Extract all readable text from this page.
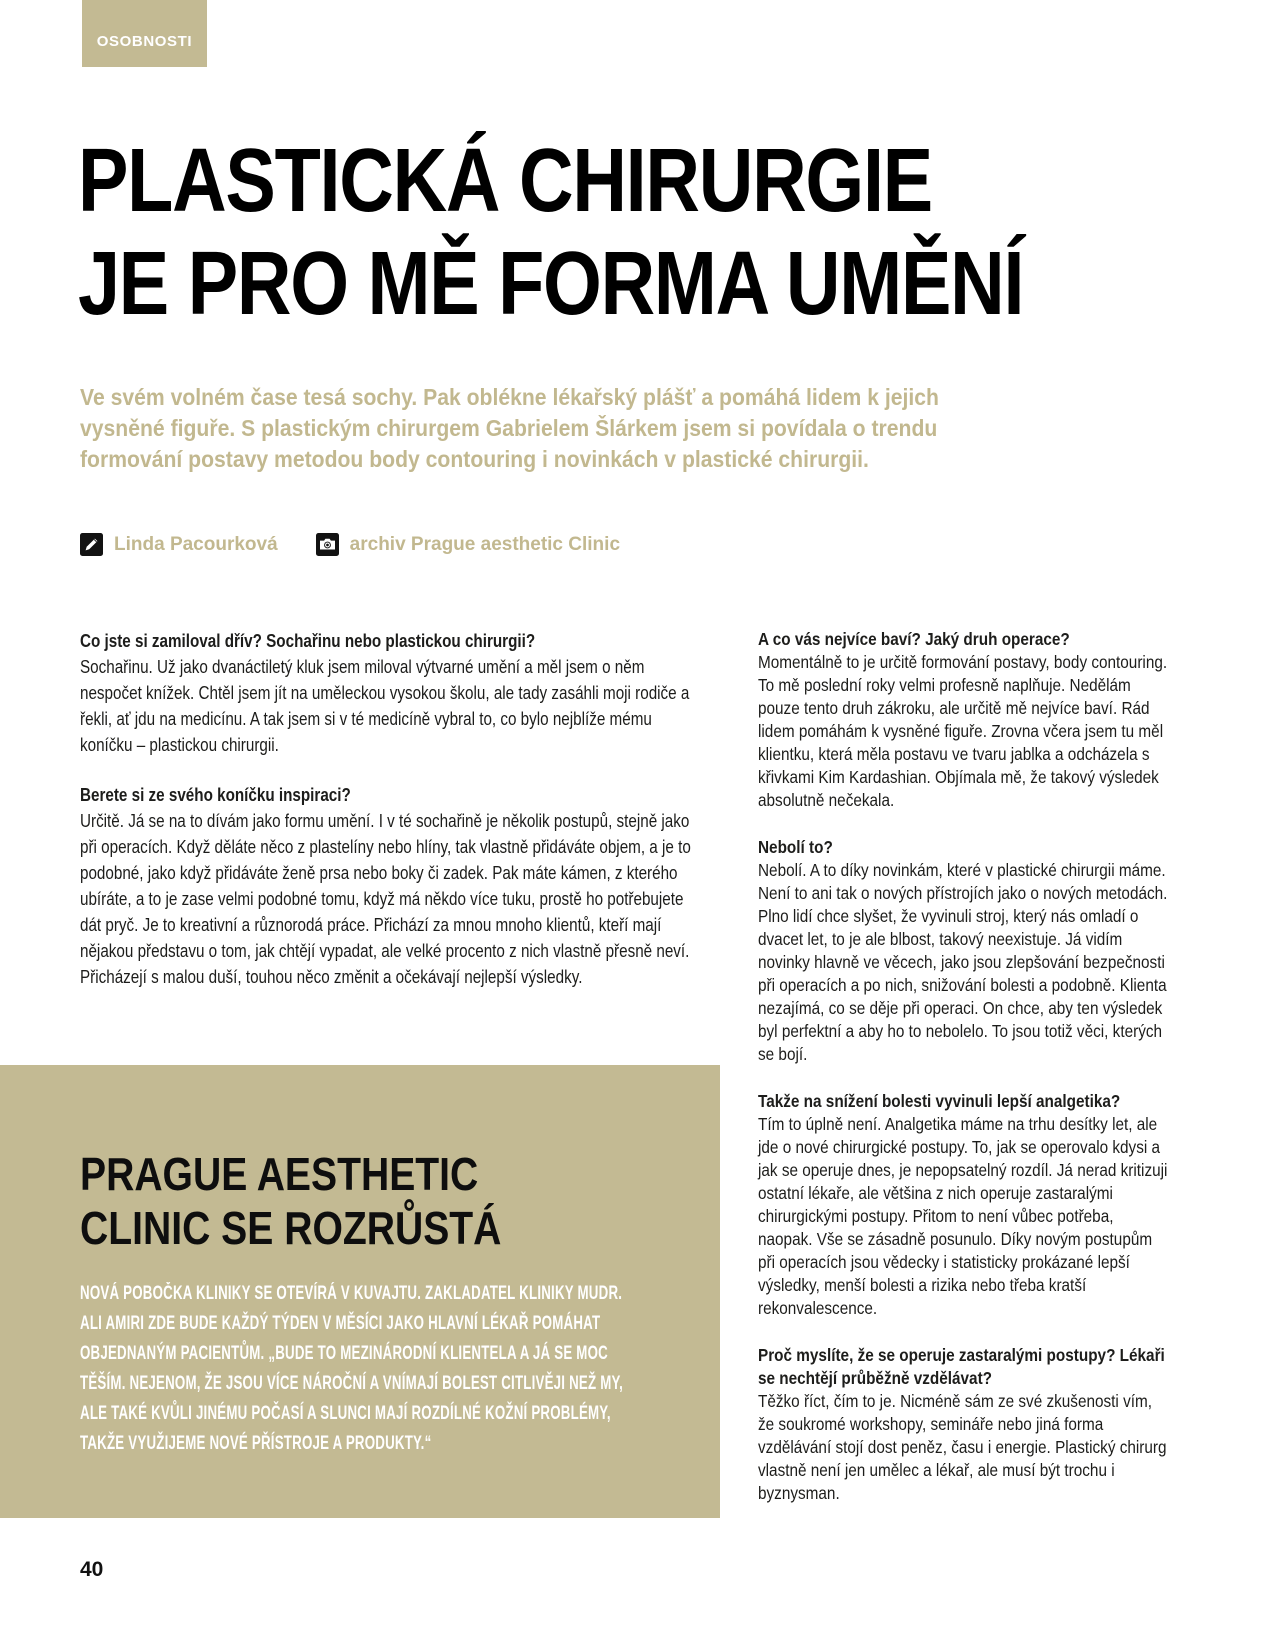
OSOBNOSTI
PLASTICKÁ CHIRURGIE
JE PRO MĚ FORMA UMĚNÍ

Ve svém volném čase tesá sochy. Pak oblékne lékařský plášť a pomáhá lidem k jejich vysněné figuře. S plastickým chirurgem Gabrielem Šlárkem jsem si povídala o trendu formování postavy metodou body contouring i novinkách v plastické chirurgii.

Linda Pacourková	archiv Prague aesthetic Clinic

Co jste si zamiloval dřív? Sochařinu nebo plastickou chirurgii?

Sochařinu. Už jako dvanáctiletý kluk jsem miloval výtvarné umění a měl jsem o něm nespočet knížek. Chtěl jsem jít na uměleckou vysokou školu, ale tady zasáhli moji rodiče a řekli, ať jdu na medicínu. A tak jsem si v té medicíně vybral to, co bylo nejblíže mému koníčku – plastickou chirurgii.

Berete si ze svého koníčku inspiraci?

Určitě. Já se na to dívám jako formu umění. I v té sochařině je několik postupů, stejně jako při operacích. Když děláte něco z plastelíny nebo hlíny, tak vlastně přidáváte objem, a je to podobné, jako když přidáváte ženě prsa nebo boky či zadek. Pak máte kámen, z kterého ubíráte, a to je zase velmi podobné tomu, když má někdo více tuku, prostě ho potřebujete dát pryč. Je to kreativní a různorodá práce. Přichází za mnou mnoho klientů, kteří mají nějakou představu o tom, jak chtějí vypadat, ale velké procento z nich vlastně přesně neví. Přicházejí s malou duší, touhou něco změnit a očekávají nejlepší výsledky.

A co vás nejvíce baví? Jaký druh operace?

Momentálně to je určitě formování postavy, body contouring. To mě poslední roky velmi profesně naplňuje. Nedělám pouze tento druh zákroku, ale určitě mě nejvíce baví. Rád lidem pomáhám k vysněné figuře. Zrovna včera jsem tu měl klientku, která měla postavu ve tvaru jablka a odcházela s křivkami Kim Kardashian. Objímala mě, že takový výsledek absolutně nečekala.

Nebolí to?

Nebolí. A to díky novinkám, které v plastické chirurgii máme. Není to ani tak o nových přístrojích jako o nových metodách. Plno lidí chce slyšet, že vyvinuli stroj, který nás omladí o dvacet let, to je ale blbost, takový neexistuje. Já vidím novinky hlavně ve věcech, jako jsou zlepšování bezpečnosti při operacích a po nich, snižování bolesti a podobně. Klienta nezajímá, co se děje při operaci. On chce, aby ten výsledek byl perfektní a aby ho to nebolelo. To jsou totiž věci, kterých se bojí.

Takže na snížení bolesti vyvinuli lepší analgetika?

Tím to úplně není. Analgetika máme na trhu desítky let, ale jde o nové chirurgické postupy. To, jak se operovalo kdysi a jak se operuje dnes, je nepopsatelný rozdíl. Já nerad kritizuji ostatní lékaře, ale většina z nich operuje zastaralými chirurgickými postupy. Přitom to není vůbec potřeba, naopak. Vše se zásadně posunulo. Díky novým postupům při operacích jsou vědecky i statisticky prokázané lepší výsledky, menší bolesti a rizika nebo třeba kratší rekonvalescence.

Proč myslíte, že se operuje zastaralými postupy? Lékaři se nechtějí průběžně vzdělávat?

Těžko říct, čím to je. Nicméně sám ze své zkušenosti vím, že soukromé workshopy, semináře nebo jiná forma vzdělávání stojí dost peněz, času i energie. Plastický chirurg vlastně není jen umělec a lékař, ale musí být trochu i byznysman.

PRAGUE AESTHETIC
CLINIC SE ROZRŮSTÁ

NOVÁ POBOČKA KLINIKY SE OTEVÍRÁ V KUVAJTU. ZAKLADATEL KLINIKY MUDR. ALI AMIRI ZDE BUDE KAŽDÝ TÝDEN V MĚSÍCI JAKO HLAVNÍ LÉKAŘ POMÁHAT OBJEDNANÝM PACIENTŮM. „BUDE TO MEZINÁRODNÍ KLIENTELA A JÁ SE MOC TĚŠÍM. NEJENOM, ŽE JSOU VÍCE NÁROČNÍ A VNÍMAJÍ BOLEST CITLIVĚJI NEŽ MY, ALE TAKÉ KVŮLI JINÉMU POČASÍ A SLUNCI MAJÍ ROZDÍLNÉ KOŽNÍ PROBLÉMY, TAKŽE VYUŽIJEME NOVÉ PŘÍSTROJE A PRODUKTY.“

40
